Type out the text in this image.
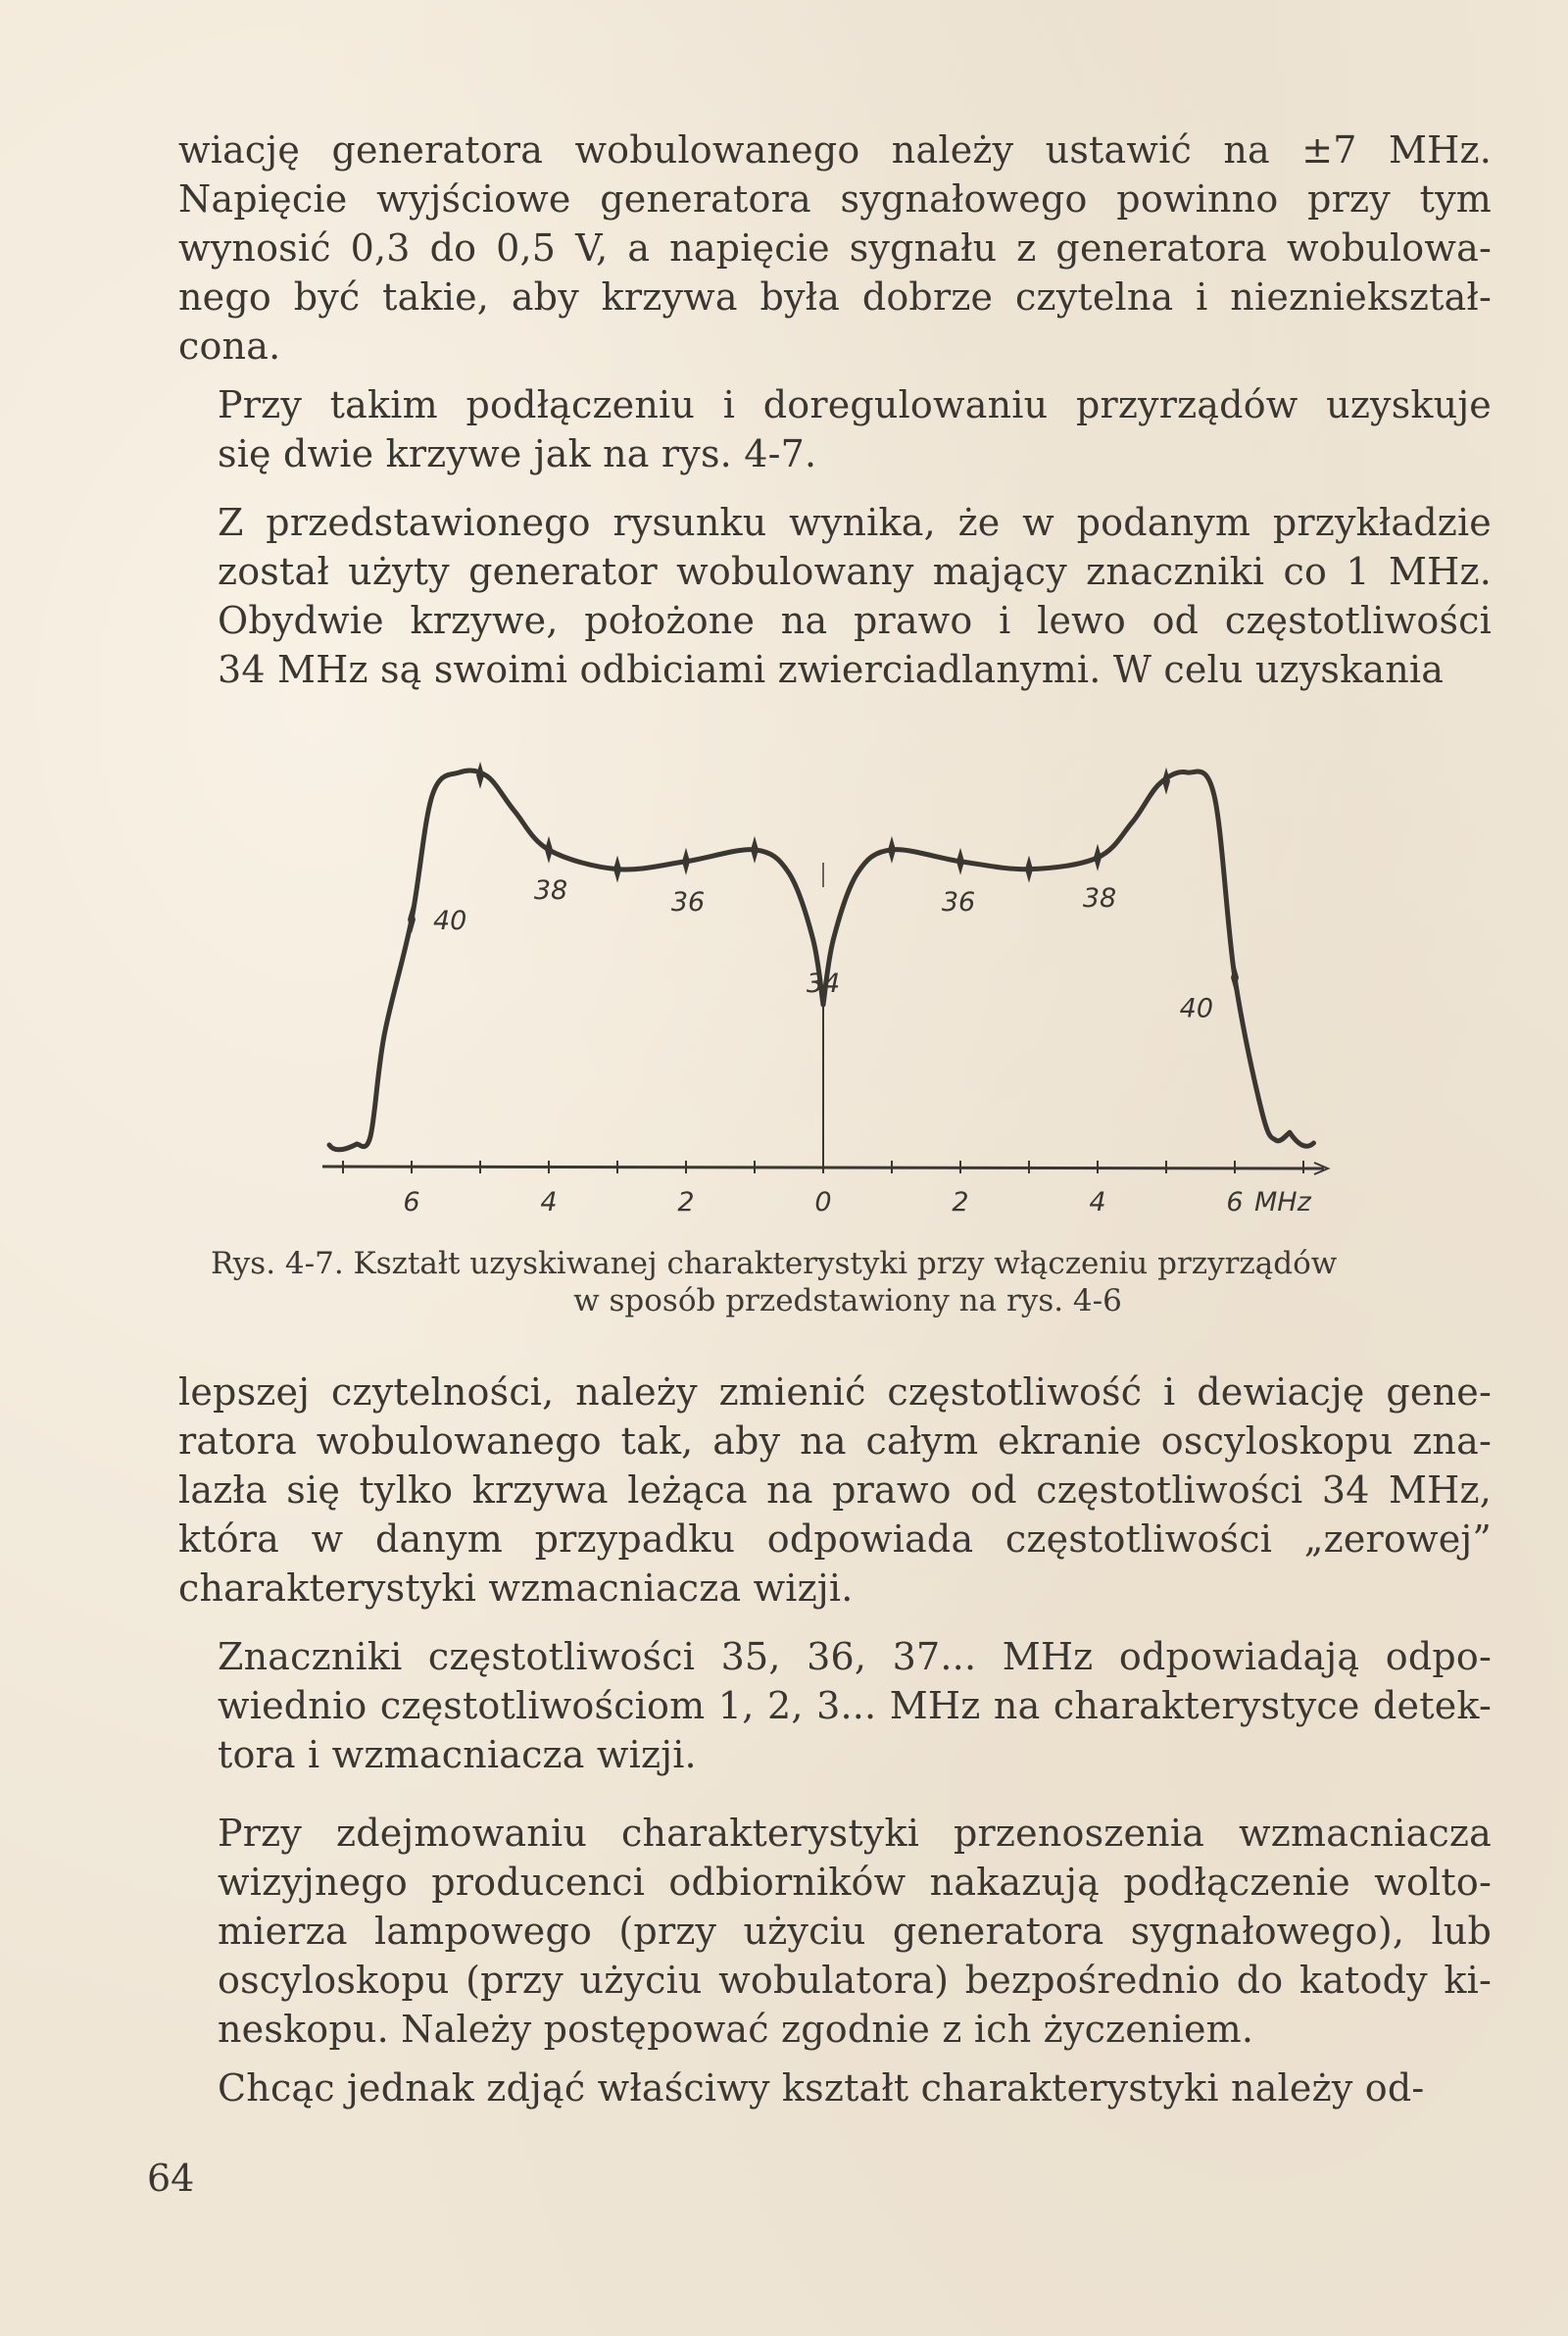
wiację generatora wobulowanego należy ustawić na ±7 MHz.
Napięcie wyjściowe generatora sygnałowego powinno przy tym
wynosić 0,3 do 0,5 V, a napięcie sygnału z generatora wobulowa-
nego być takie, aby krzywa była dobrze czytelna i niezniekształ-
cona.
Przy takim podłączeniu i doregulowaniu przyrządów uzyskuje
się dwie krzywe jak na rys. 4-7.
Z przedstawionego rysunku wynika, że w podanym przykładzie
został użyty generator wobulowany mający znaczniki co 1 MHz.
Obydwie krzywe, położone na prawo i lewo od częstotliwości
34 MHz są swoimi odbiciami zwierciadlanymi. W celu uzyskania
6	4	2	0	2	4	6 MHz
40
38	36
34
36	38
40
Rys. 4-7. Kształt uzyskiwanej charakterystyki przy włączeniu przyrządów
w sposób przedstawiony na rys. 4-6
lepszej czytelności, należy zmienić częstotliwość i dewiację gene-
ratora wobulowanego tak, aby na całym ekranie oscyloskopu zna-
lazła się tylko krzywa leżąca na prawo od częstotliwości 34 MHz,
która w danym przypadku odpowiada częstotliwości „zerowej”
charakterystyki wzmacniacza wizji.
Znaczniki częstotliwości 35, 36, 37... MHz odpowiadają odpo-
wiednio częstotliwościom 1, 2, 3... MHz na charakterystyce detek-
tora i wzmacniacza wizji.
Przy zdejmowaniu charakterystyki przenoszenia wzmacniacza
wizyjnego producenci odbiorników nakazują podłączenie wolto-
mierza lampowego (przy użyciu generatora sygnałowego), lub
oscyloskopu (przy użyciu wobulatora) bezpośrednio do katody ki-
neskopu. Należy postępować zgodnie z ich życzeniem.
Chcąc jednak zdjąć właściwy kształt charakterystyki należy od-
64
